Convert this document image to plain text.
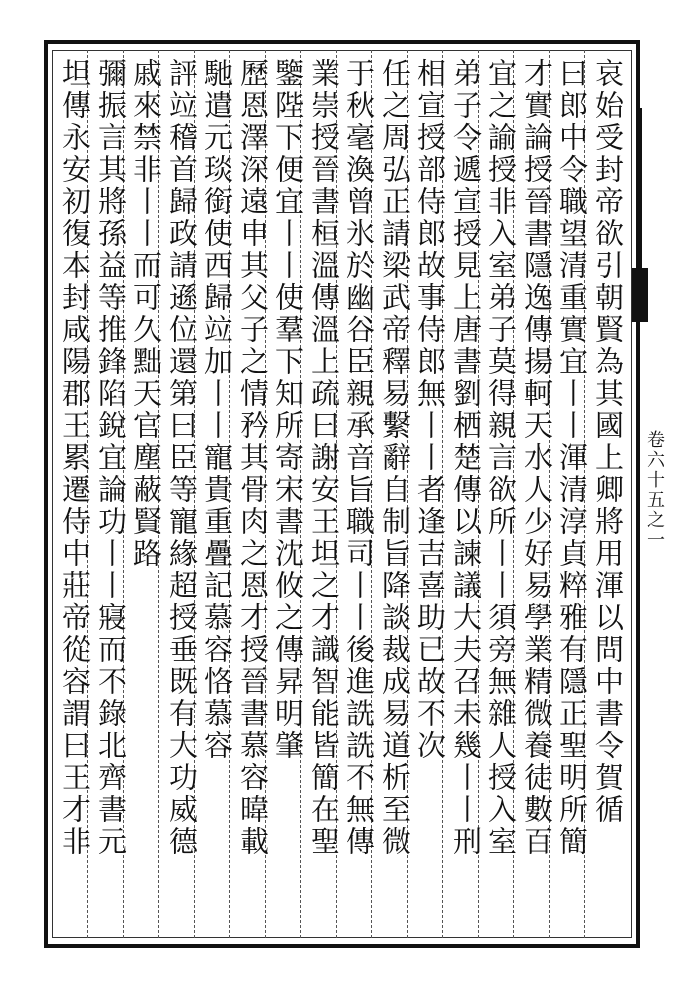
卷六十五之一
哀始受封帝欲引朝賢為其國上卿將用渾以問中書令賀循
曰郎中令職望清重實宜丨丨渾清淳貞粹雅有隱正聖明所簡
才實論授晉書隱逸傳揚軻天水人少好易學業精微養徒數百
宜之諭授非入室弟子莫得親言欲所丨丨須旁無雜人授入室
弟子令遞宣授見上唐書劉栖楚傳以諫議大夫召未幾丨丨刑
相宣授部侍郎故事侍郎無丨丨者逢吉喜助已故不次
任之周弘正請梁武帝釋易繫辭自制旨降談裁成易道析至微
于秋毫渙曾氷於幽谷臣親承音旨職司丨丨後進詵詵不無傳
業崇授晉書桓溫傳溫上疏曰謝安王坦之才識智能皆簡在聖
鑒陛下便宜丨丨使羣下知所寄宋書沈攸之傳昇明肇
歷恩澤深遠申其父子之情矜其骨肉之恩才授晉書慕容暐載
馳遣元琰銜使西歸竝加丨丨寵貴重疊記慕容恪慕容
評竝稽首歸政請遜位還第曰臣等寵緣超授垂既有大功威德
戚來禁非丨丨而可久黜天官塵蔽賢路
彌振言其將孫益等推鋒陷銳宜論功丨丨寢而不錄北齊書元
坦傳永安初復本封咸陽郡王累遷侍中莊帝從容謂曰王才非
